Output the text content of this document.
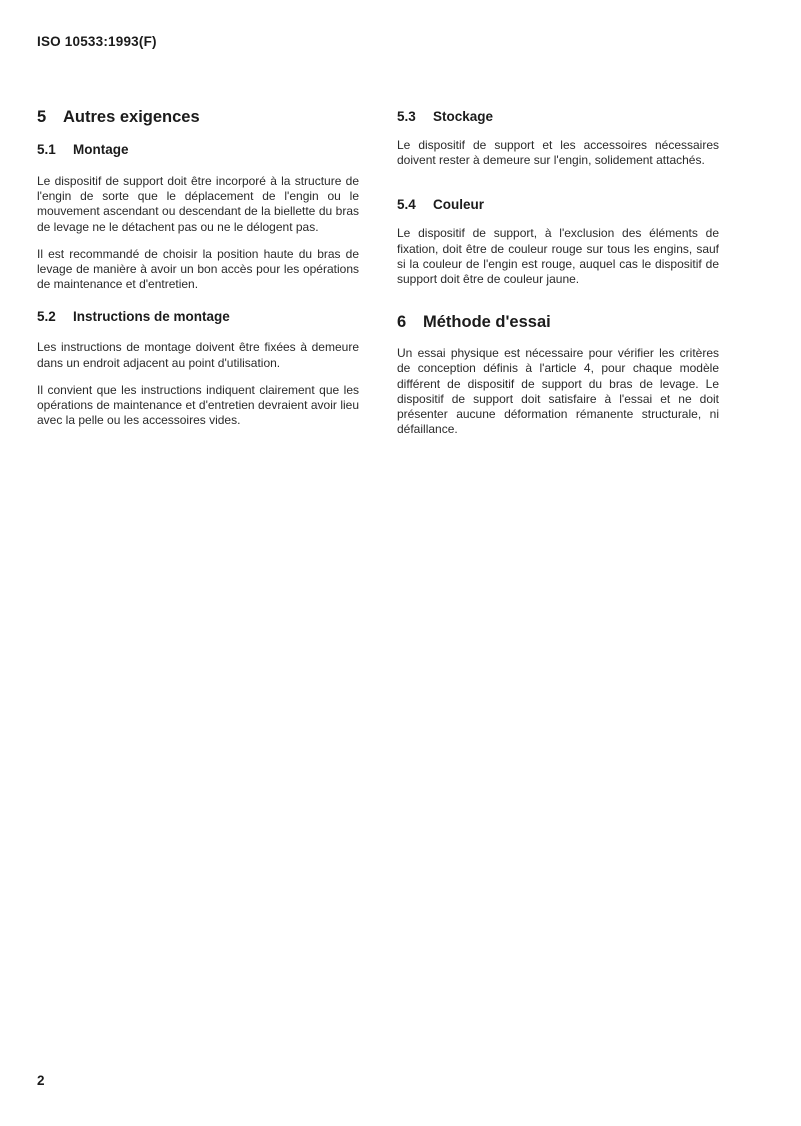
ISO 10533:1993(F)
5 Autres exigences
5.1 Montage

Le dispositif de support doit être incorporé à la structure de l'engin de sorte que le déplacement de l'engin ou le mouvement ascendant ou descendant de la biellette du bras de levage ne le détachent pas ou ne le délogent pas.

Il est recommandé de choisir la position haute du bras de levage de manière à avoir un bon accès pour les opérations de maintenance et d'entretien.

5.2 Instructions de montage

Les instructions de montage doivent être fixées à demeure dans un endroit adjacent au point d'utilisation.

Il convient que les instructions indiquent clairement que les opérations de maintenance et d'entretien devraient avoir lieu avec la pelle ou les accessoires vides.

5.3 Stockage

Le dispositif de support et les accessoires nécessaires doivent rester à demeure sur l'engin, solidement attachés.

5.4 Couleur

Le dispositif de support, à l'exclusion des éléments de fixation, doit être de couleur rouge sur tous les engins, sauf si la couleur de l'engin est rouge, auquel cas le dispositif de support doit être de couleur jaune.

6 Méthode d'essai

Un essai physique est nécessaire pour vérifier les critères de conception définis à l'article 4, pour chaque modèle différent de dispositif de support du bras de levage. Le dispositif de support doit satisfaire à l'essai et ne doit présenter aucune déformation rémanente structurale, ni défaillance.

2
